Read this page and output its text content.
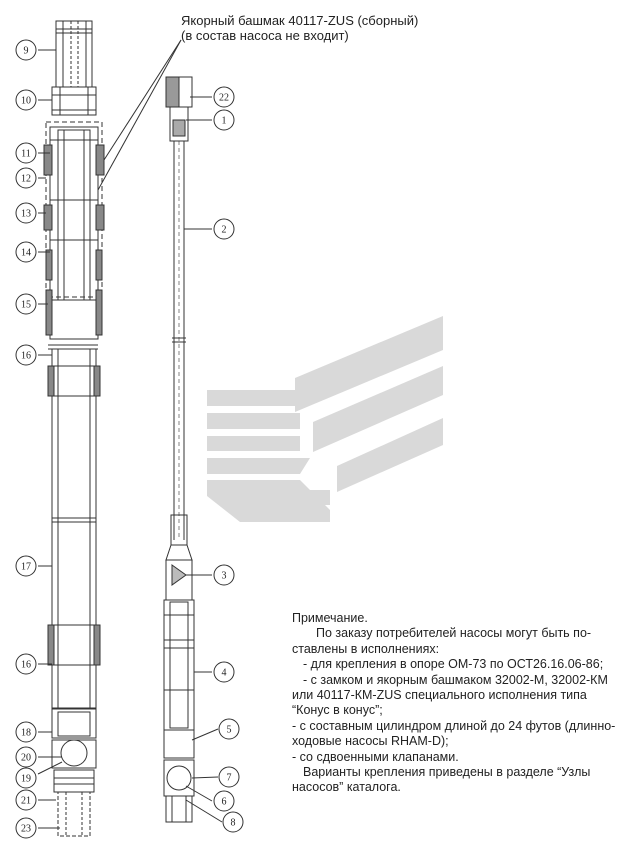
9
10
11
12
13
14
15
16
17
16
18
20
19
21
23
22
1
2
3
4
5
7
6
8
Якорный башмак 40117-ZUS (сборный)
(в состав насоса не входит)
Примечание.
По заказу потребителей насосы могут быть по-
ставлены в исполнениях:
- для крепления в опоре ОМ-73 по ОСТ26.16.06-86;
- с замком и якорным башмаком 32002-М, 32002-КМ
или 40117-КМ-ZUS специального исполнения типа
“Конус в конус”;
- с составным цилиндром длиной до 24 футов (длинно-
ходовые насосы RHAM-D);
- со сдвоенными клапанами.
Варианты крепления приведены в разделе “Узлы
насосов” каталога.
